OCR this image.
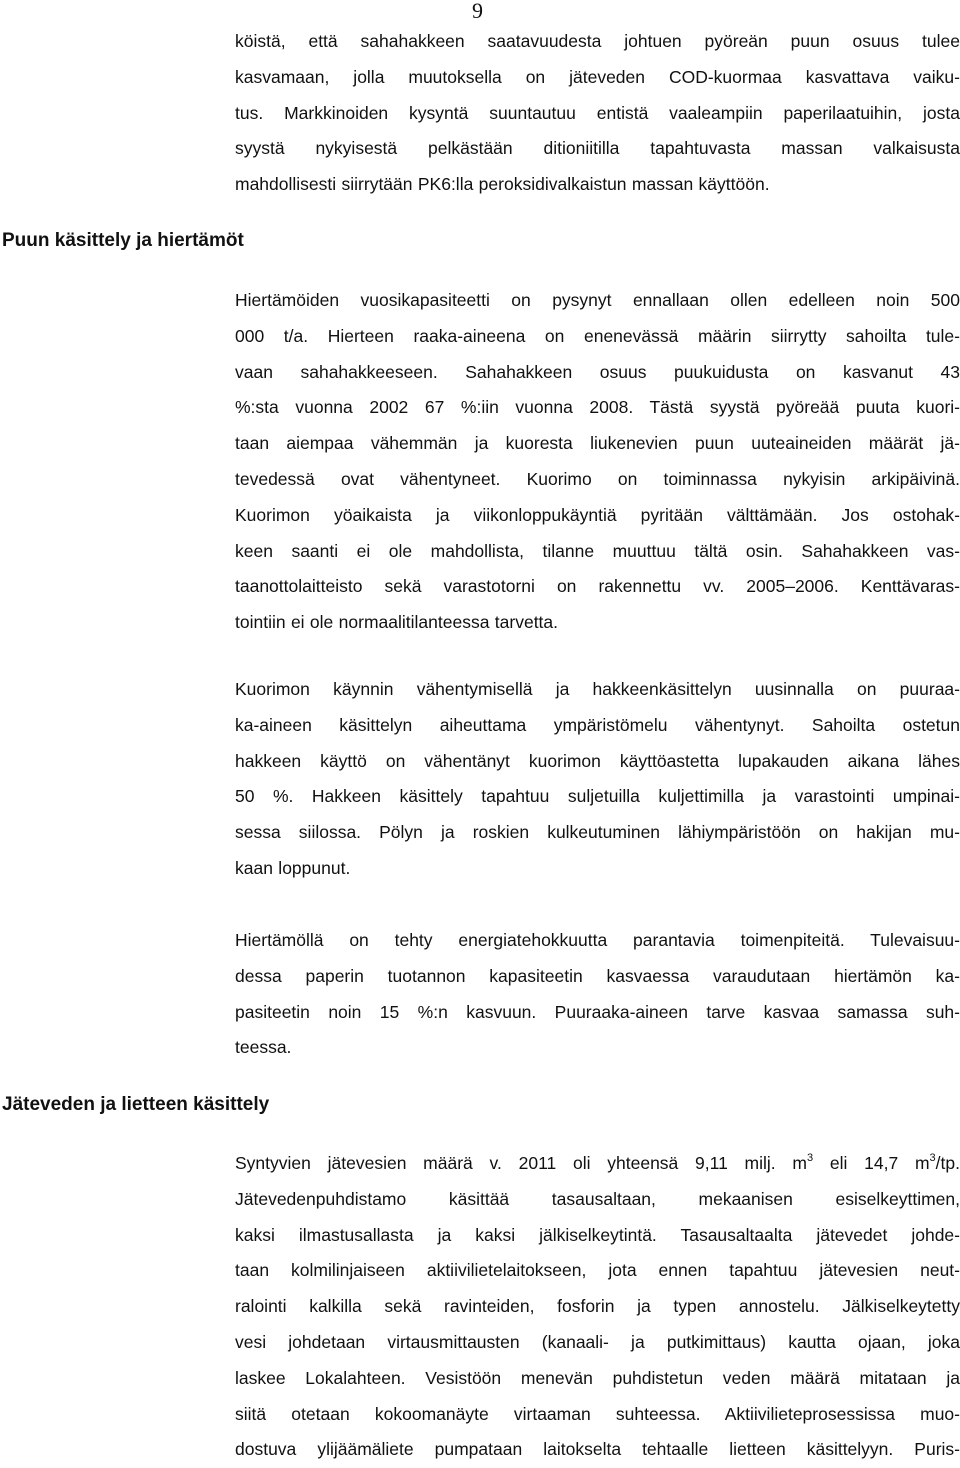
9
Puun käsittely ja hiertämöt
Jäteveden ja lietteen käsittely
köistä, että sahahakkeen saatavuudesta johtuen pyöreän puun osuus tulee
kasvamaan, jolla muutoksella on jäteveden COD-kuormaa kasvattava vaiku-
tus. Markkinoiden kysyntä suuntautuu entistä vaaleampiin paperilaatuihin, josta
syystä nykyisestä pelkästään ditioniitilla tapahtuvasta massan valkaisusta
mahdollisesti siirrytään PK6:lla peroksidivalkaistun massan käyttöön.
Hiertämöiden vuosikapasiteetti on pysynyt ennallaan ollen edelleen noin 500
000 t/a. Hierteen raaka-aineena on enenevässä määrin siirrytty sahoilta tule-
vaan sahahakkeeseen. Sahahakkeen osuus puukuidusta on kasvanut 43
%:sta vuonna 2002 67 %:iin vuonna 2008. Tästä syystä pyöreää puuta kuori-
taan aiempaa vähemmän ja kuoresta liukenevien puun uuteaineiden määrät jä-
tevedessä ovat vähentyneet. Kuorimo on toiminnassa nykyisin arkipäivinä.
Kuorimon yöaikaista ja viikonloppukäyntiä pyritään välttämään. Jos ostohak-
keen saanti ei ole mahdollista, tilanne muuttuu tältä osin. Sahahakkeen vas-
taanottolaitteisto sekä varastotorni on rakennettu vv. 2005–2006. Kenttävaras-
tointiin ei ole normaalitilanteessa tarvetta.
Kuorimon käynnin vähentymisellä ja hakkeenkäsittelyn uusinnalla on puuraa-
ka-aineen käsittelyn aiheuttama ympäristömelu vähentynyt. Sahoilta ostetun
hakkeen käyttö on vähentänyt kuorimon käyttöastetta lupakauden aikana lähes
50 %. Hakkeen käsittely tapahtuu suljetuilla kuljettimilla ja varastointi umpinai-
sessa siilossa. Pölyn ja roskien kulkeutuminen lähiympäristöön on hakijan mu-
kaan loppunut.
Hiertämöllä on tehty energiatehokkuutta parantavia toimenpiteitä. Tulevaisuu-
dessa paperin tuotannon kapasiteetin kasvaessa varaudutaan hiertämön ka-
pasiteetin noin 15 %:n kasvuun. Puuraaka-aineen tarve kasvaa samassa suh-
teessa.
Syntyvien jätevesien määrä v. 2011 oli yhteensä 9,11 milj. $m^3$ eli 14,7 $m^3/tp$.
Jätevedenpuhdistamo käsittää tasausaltaan, mekaanisen esiselkeyttimen,
kaksi ilmastusallasta ja kaksi jälkiselkeytintä. Tasausaltaalta jätevedet johde-
taan kolmilinjaiseen aktiivilietelaitokseen, jota ennen tapahtuu jätevesien neut-
ralointi kalkilla sekä ravinteiden, fosforin ja typen annostelu. Jälkiselkeytetty
vesi johdetaan virtausmittausten (kanaali- ja putkimittaus) kautta ojaan, joka
laskee Lokalahteen. Vesistöön menevän puhdistetun veden määrä mitataan ja
siitä otetaan kokoomanäyte virtaaman suhteessa. Aktiivilieteprosessissa muo-
dostuva ylijäämäliete pumpataan laitokselta tehtaalle lietteen käsittelyyn. Puris-
